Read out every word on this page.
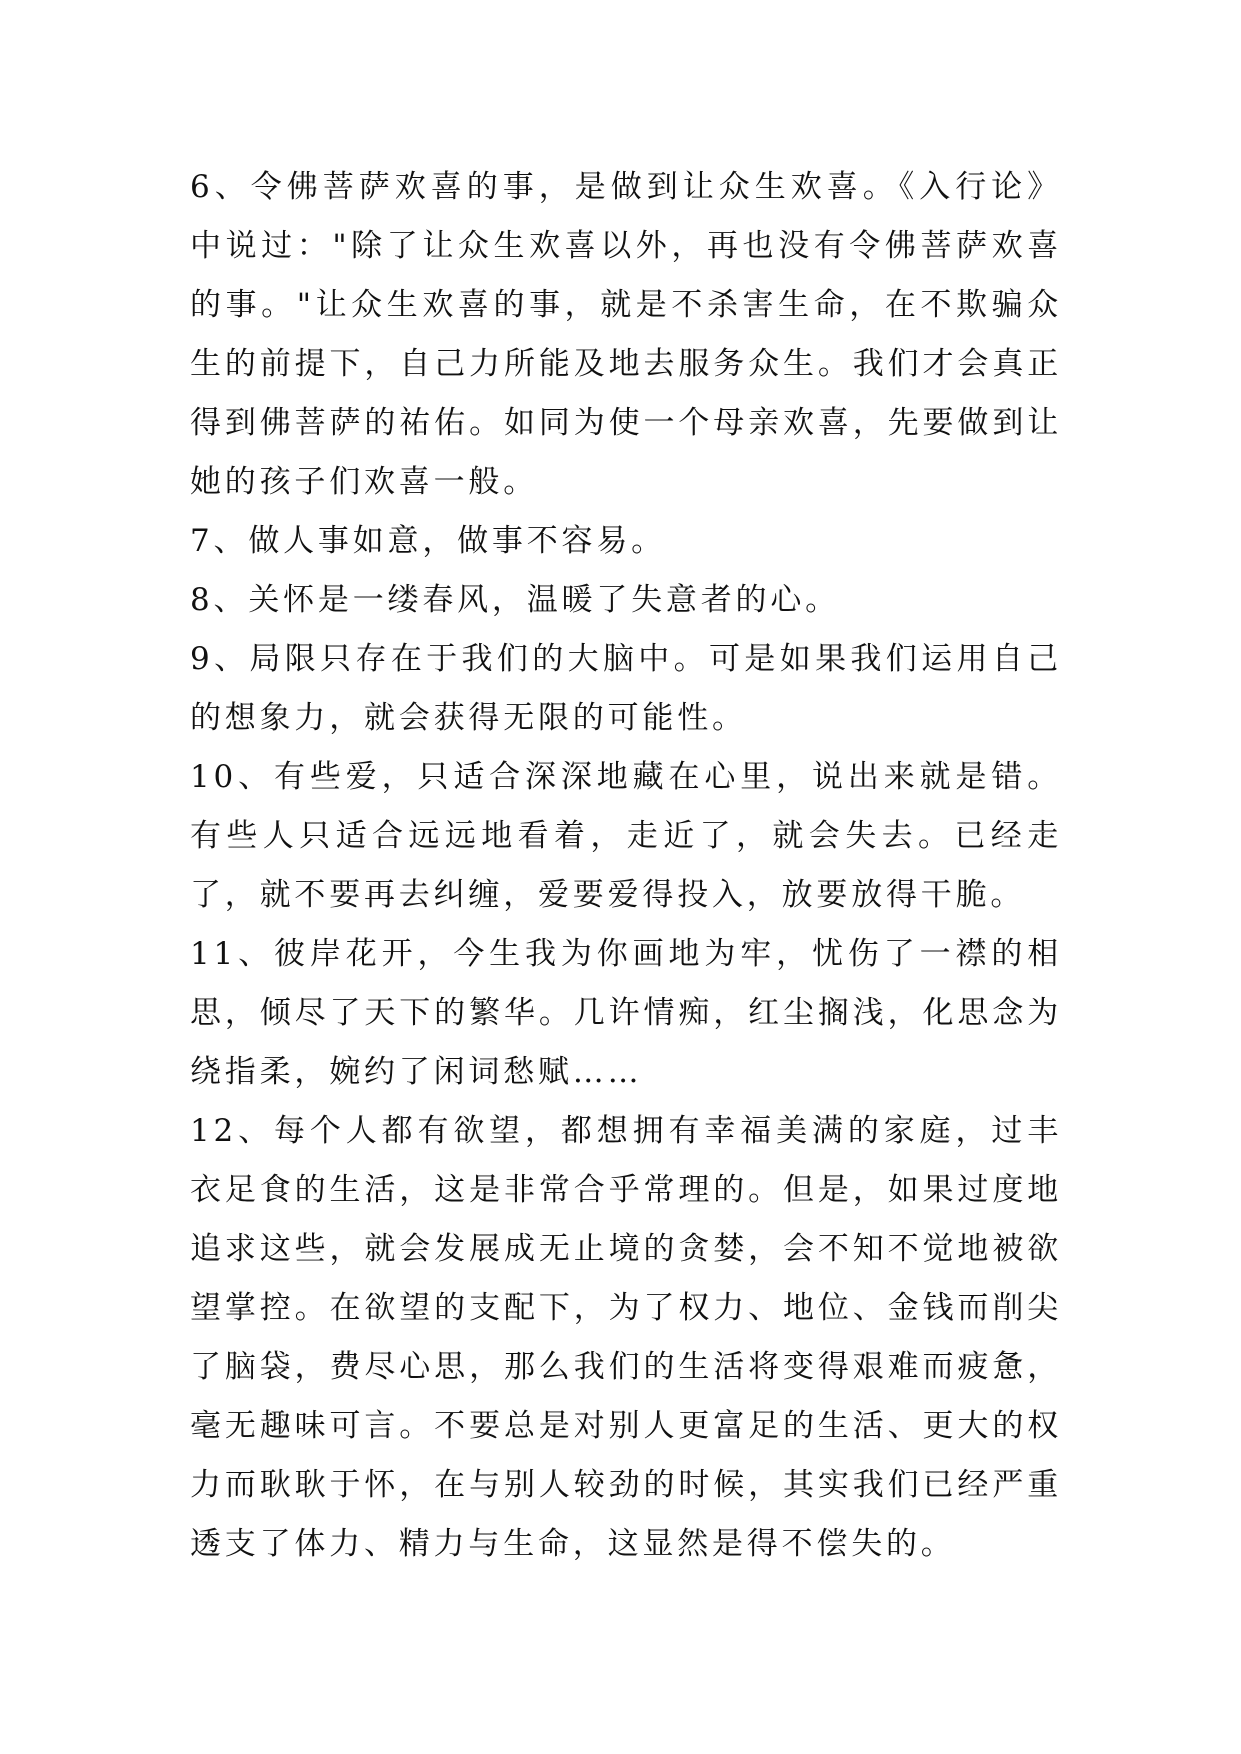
6、令佛菩萨欢喜的事，是做到让众生欢喜。《入行论》中说过："除了让众生欢喜以外，再也没有令佛菩萨欢喜的事。"让众生欢喜的事，就是不杀害生命，在不欺骗众生的前提下，自己力所能及地去服务众生。我们才会真正得到佛菩萨的祐佑。如同为使一个母亲欢喜，先要做到让她的孩子们欢喜一般。

7、做人事如意，做事不容易。

8、关怀是一缕春风，温暖了失意者的心。

9、局限只存在于我们的大脑中。可是如果我们运用自己的想象力，就会获得无限的可能性。

10、有些爱，只适合深深地藏在心里，说出来就是错。有些人只适合远远地看着，走近了，就会失去。已经走了，就不要再去纠缠，爱要爱得投入，放要放得干脆。

11、彼岸花开，今生我为你画地为牢，忧伤了一襟的相思，倾尽了天下的繁华。几许情痴，红尘搁浅，化思念为绕指柔，婉约了闲词愁赋……

12、每个人都有欲望，都想拥有幸福美满的家庭，过丰衣足食的生活，这是非常合乎常理的。但是，如果过度地追求这些，就会发展成无止境的贪婪，会不知不觉地被欲望掌控。在欲望的支配下，为了权力、地位、金钱而削尖了脑袋，费尽心思，那么我们的生活将变得艰难而疲惫，毫无趣味可言。不要总是对别人更富足的生活、更大的权力而耿耿于怀，在与别人较劲的时候，其实我们已经严重透支了体力、精力与生命，这显然是得不偿失的。
